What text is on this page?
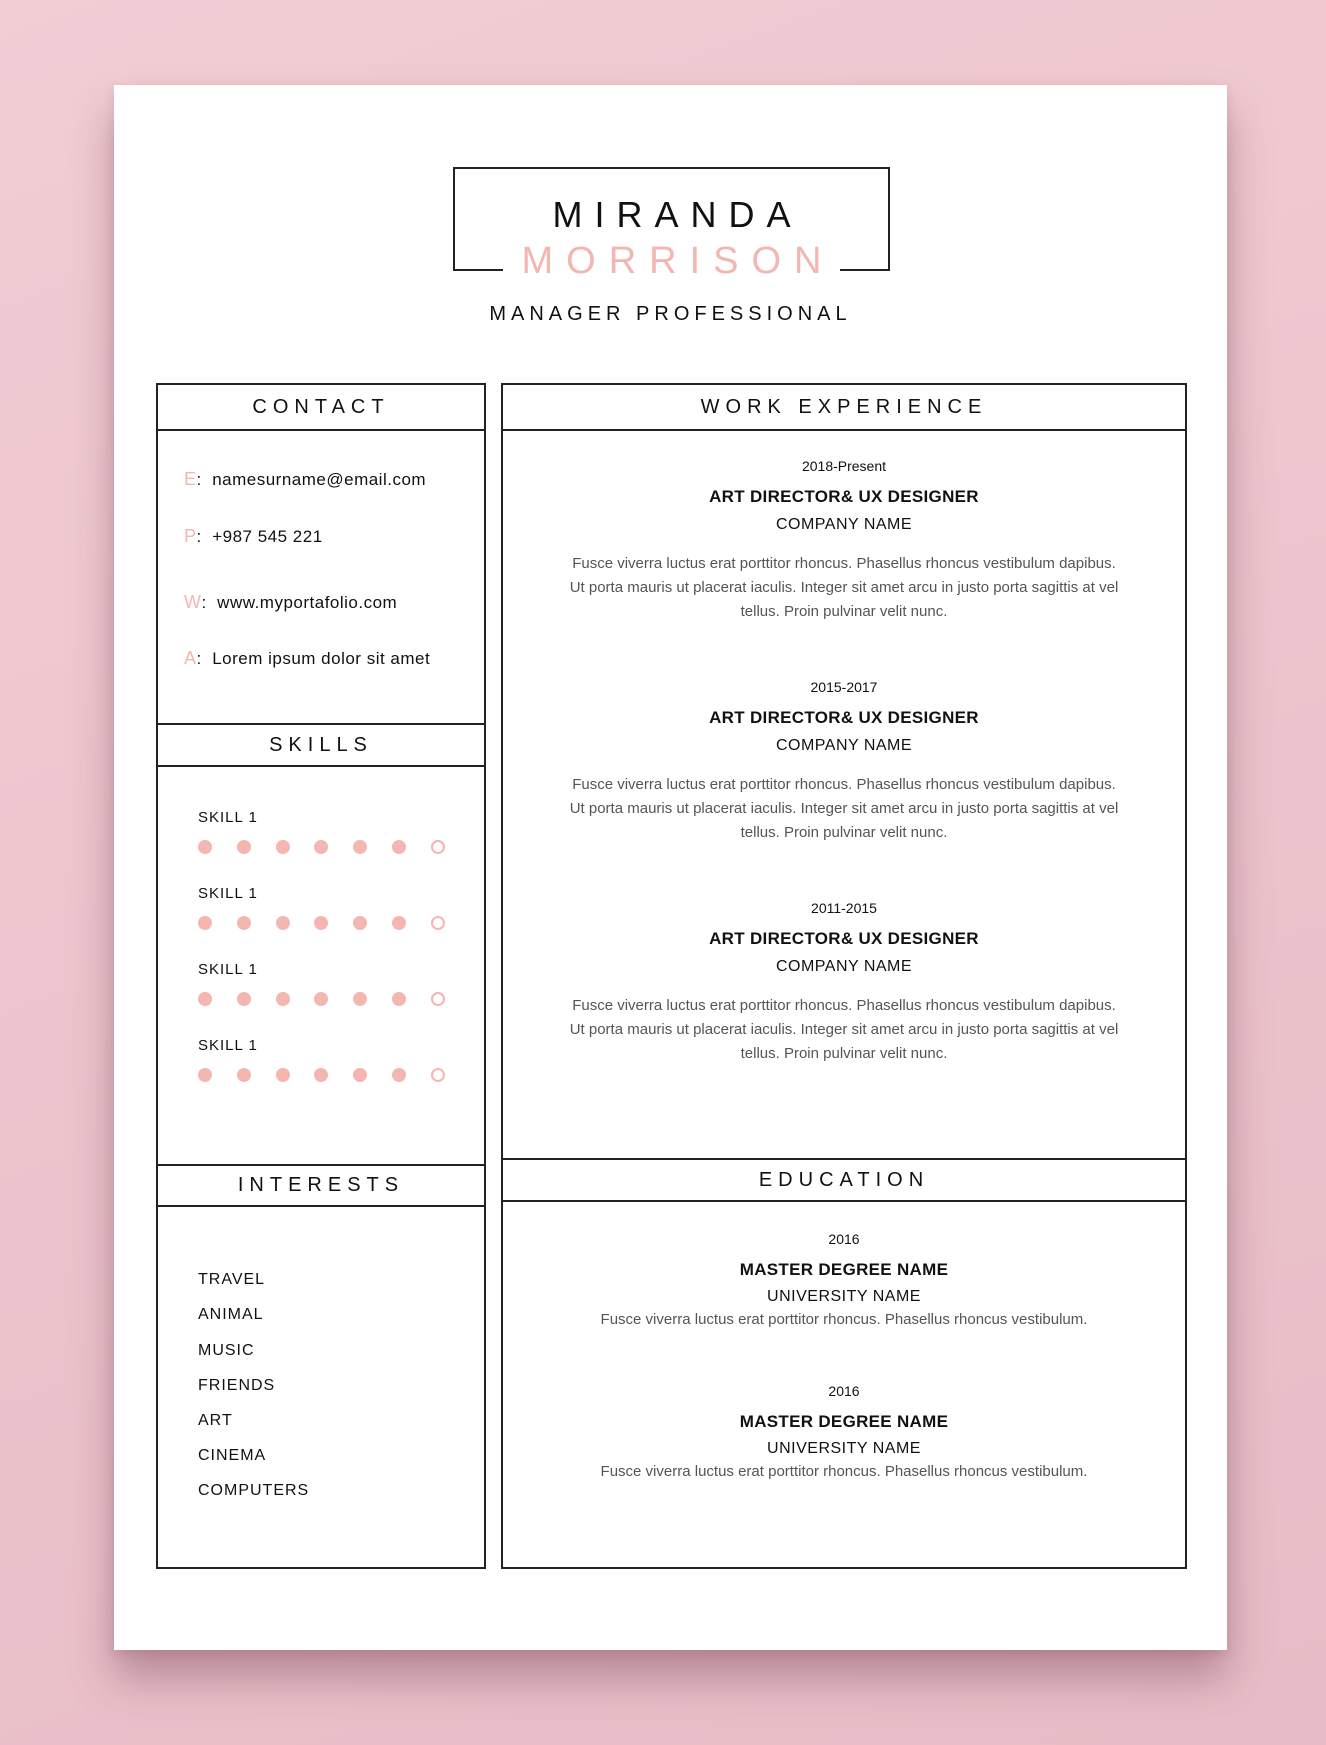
MIRANDA
MORRISON
MANAGER PROFESSIONAL
CONTACT
E:  namesurname@email.com
P:  +987 545 221
W:  www.myportafolio.com
A:  Lorem ipsum dolor sit amet
SKILLS
SKILL 1
SKILL 1
SKILL 1
SKILL 1
INTERESTS
TRAVEL
ANIMAL
MUSIC
FRIENDS
ART
CINEMA
COMPUTERS
WORK EXPERIENCE
2018-Present
ART DIRECTOR& UX DESIGNER
COMPANY NAME
Fusce viverra luctus erat porttitor rhoncus. Phasellus rhoncus vestibulum dapibus. Ut porta mauris ut placerat iaculis. Integer sit amet arcu in justo porta sagittis at vel tellus. Proin pulvinar velit nunc.
2015-2017
ART DIRECTOR& UX DESIGNER
COMPANY NAME
Fusce viverra luctus erat porttitor rhoncus. Phasellus rhoncus vestibulum dapibus. Ut porta mauris ut placerat iaculis. Integer sit amet arcu in justo porta sagittis at vel tellus. Proin pulvinar velit nunc.
2011-2015
ART DIRECTOR& UX DESIGNER
COMPANY NAME
Fusce viverra luctus erat porttitor rhoncus. Phasellus rhoncus vestibulum dapibus. Ut porta mauris ut placerat iaculis. Integer sit amet arcu in justo porta sagittis at vel tellus. Proin pulvinar velit nunc.
EDUCATION
2016
MASTER DEGREE NAME
UNIVERSITY NAME
Fusce viverra luctus erat porttitor rhoncus. Phasellus rhoncus vestibulum.
2016
MASTER DEGREE NAME
UNIVERSITY NAME
Fusce viverra luctus erat porttitor rhoncus. Phasellus rhoncus vestibulum.
